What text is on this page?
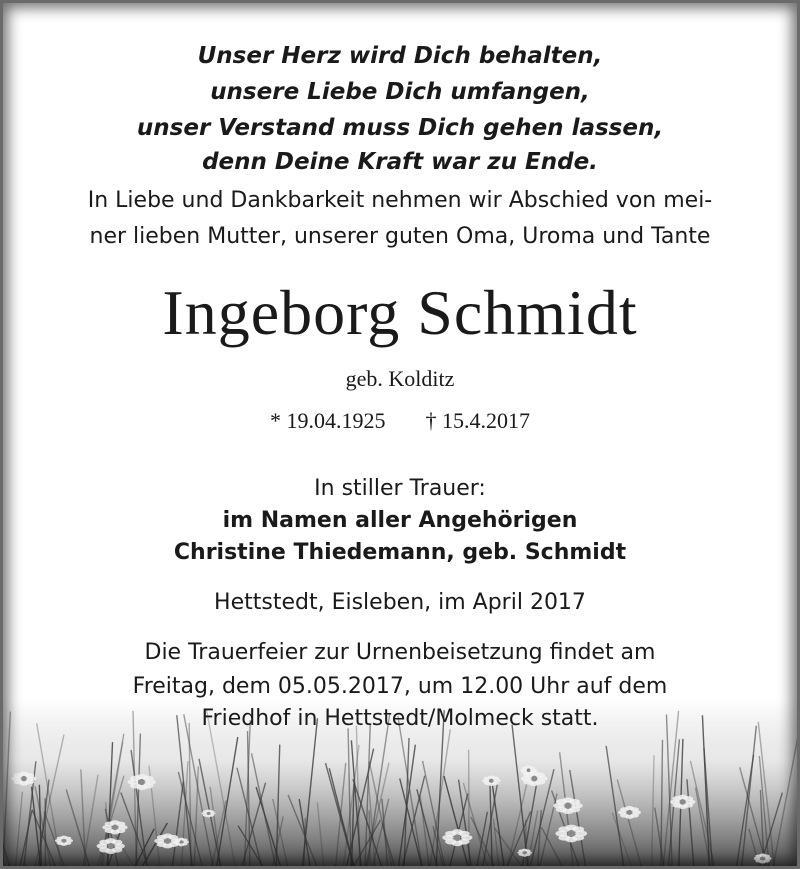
Unser Herz wird Dich behalten,
unsere Liebe Dich umfangen,
unser Verstand muss Dich gehen lassen,
denn Deine Kraft war zu Ende.
In Liebe und Dankbarkeit nehmen wir Abschied von mei-
ner lieben Mutter, unserer guten Oma, Uroma und Tante
Ingeborg Schmidt
geb. Kolditz
* 19.04.1925 † 15.4.2017
In stiller Trauer:
im Namen aller Angehörigen
Christine Thiedemann, geb. Schmidt
Hettstedt, Eisleben, im April 2017
Die Trauerfeier zur Urnenbeisetzung findet am
Freitag, dem 05.05.2017, um 12.00 Uhr auf dem
Friedhof in Hettstedt/Molmeck statt.
